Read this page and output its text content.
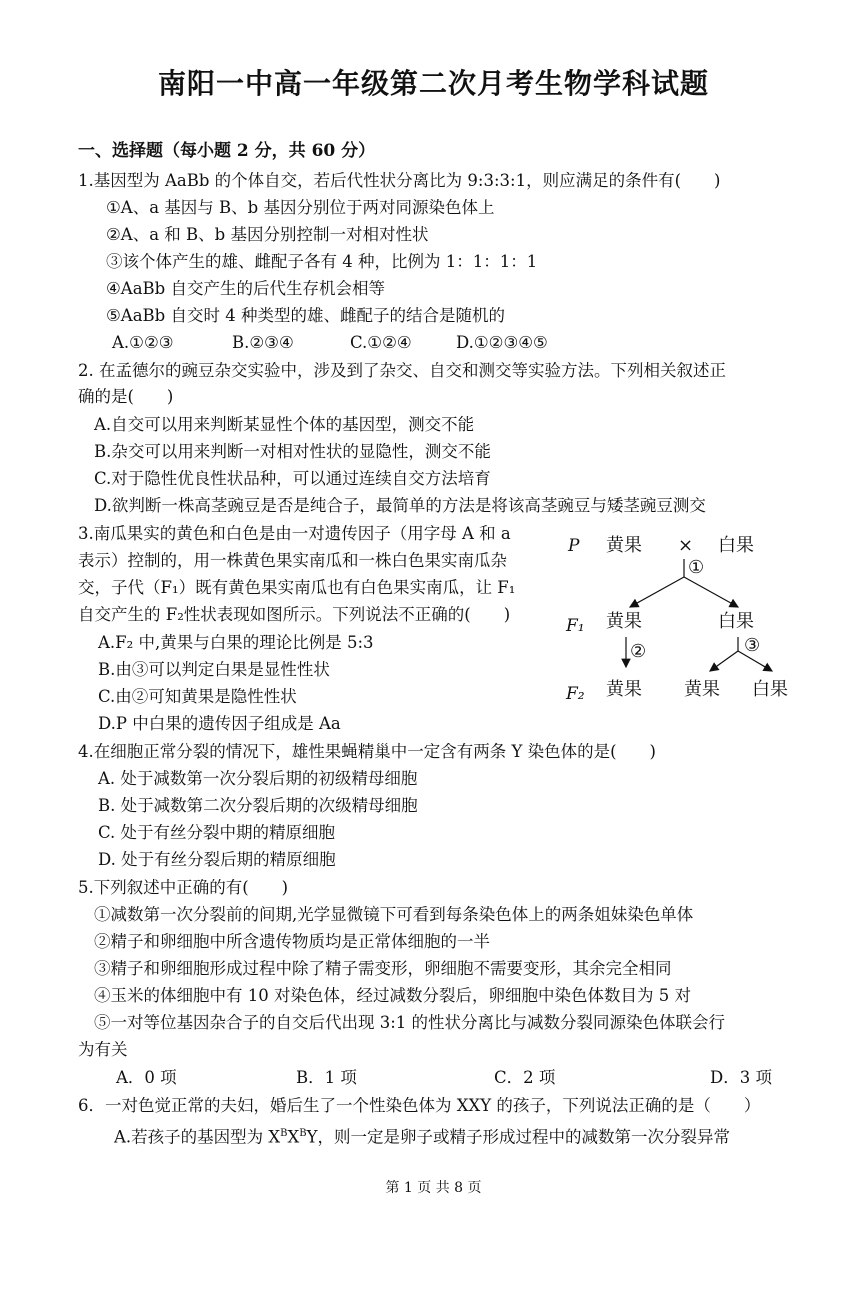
南阳一中高一年级第二次月考生物学科试题
一、选择题（每小题 2 分，共 60 分）
1.基因型为 AaBb 的个体自交，若后代性状分离比为 9:3:3:1，则应满足的条件有(　　)
①A、a 基因与 B、b 基因分别位于两对同源染色体上
②A、a 和 B、b 基因分别控制一对相对性状
③该个体产生的雄、雌配子各有 4 种，比例为 1：1：1：1
④AaBb 自交产生的后代生存机会相等
⑤AaBb 自交时 4 种类型的雄、雌配子的结合是随机的
A.①②③	B.②③④	C.①②④	D.①②③④⑤
2. 在孟德尔的豌豆杂交实验中，涉及到了杂交、自交和测交等实验方法。下列相关叙述正
确的是(　　)
A.自交可以用来判断某显性个体的基因型，测交不能
B.杂交可以用来判断一对相对性状的显隐性，测交不能
C.对于隐性优良性状品种，可以通过连续自交方法培育
D.欲判断一株高茎豌豆是否是纯合子，最简单的方法是将该高茎豌豆与矮茎豌豆测交
3.南瓜果实的黄色和白色是由一对遗传因子（用字母 A 和 a
表示）控制的，用一株黄色果实南瓜和一株白色果实南瓜杂
交，子代（F₁）既有黄色果实南瓜也有白色果实南瓜，让 F₁
自交产生的 F₂性状表现如图所示。下列说法不正确的(　　)
A.F₂ 中,黄果与白果的理论比例是 5:3
B.由③可以判定白果是显性性状
C.由②可知黄果是隐性性状
D.P 中白果的遗传因子组成是 Aa
P 黄果 × 白果
①
F₁ 黄果	白果
②	③
F₂ 黄果 黄果 白果
4.在细胞正常分裂的情况下，雄性果蝇精巢中一定含有两条 Y 染色体的是(　　)
A. 处于减数第一次分裂后期的初级精母细胞
B. 处于减数第二次分裂后期的次级精母细胞
C. 处于有丝分裂中期的精原细胞
D. 处于有丝分裂后期的精原细胞
5.下列叙述中正确的有(　　)
①减数第一次分裂前的间期,光学显微镜下可看到每条染色体上的两条姐妹染色单体
②精子和卵细胞中所含遗传物质均是正常体细胞的一半
③精子和卵细胞形成过程中除了精子需变形，卵细胞不需要变形，其余完全相同
④玉米的体细胞中有 10 对染色体，经过减数分裂后，卵细胞中染色体数目为 5 对
⑤一对等位基因杂合子的自交后代出现 3:1 的性状分离比与减数分裂同源染色体联会行
为有关
A．0 项	B．1 项	C．2 项	D．3 项
6．一对色觉正常的夫妇，婚后生了一个性染色体为 XXY 的孩子，下列说法正确的是（　　）
A.若孩子的基因型为 $X^BX^BY$，则一定是卵子或精子形成过程中的减数第一次分裂异常
第 1 页 共 8 页
